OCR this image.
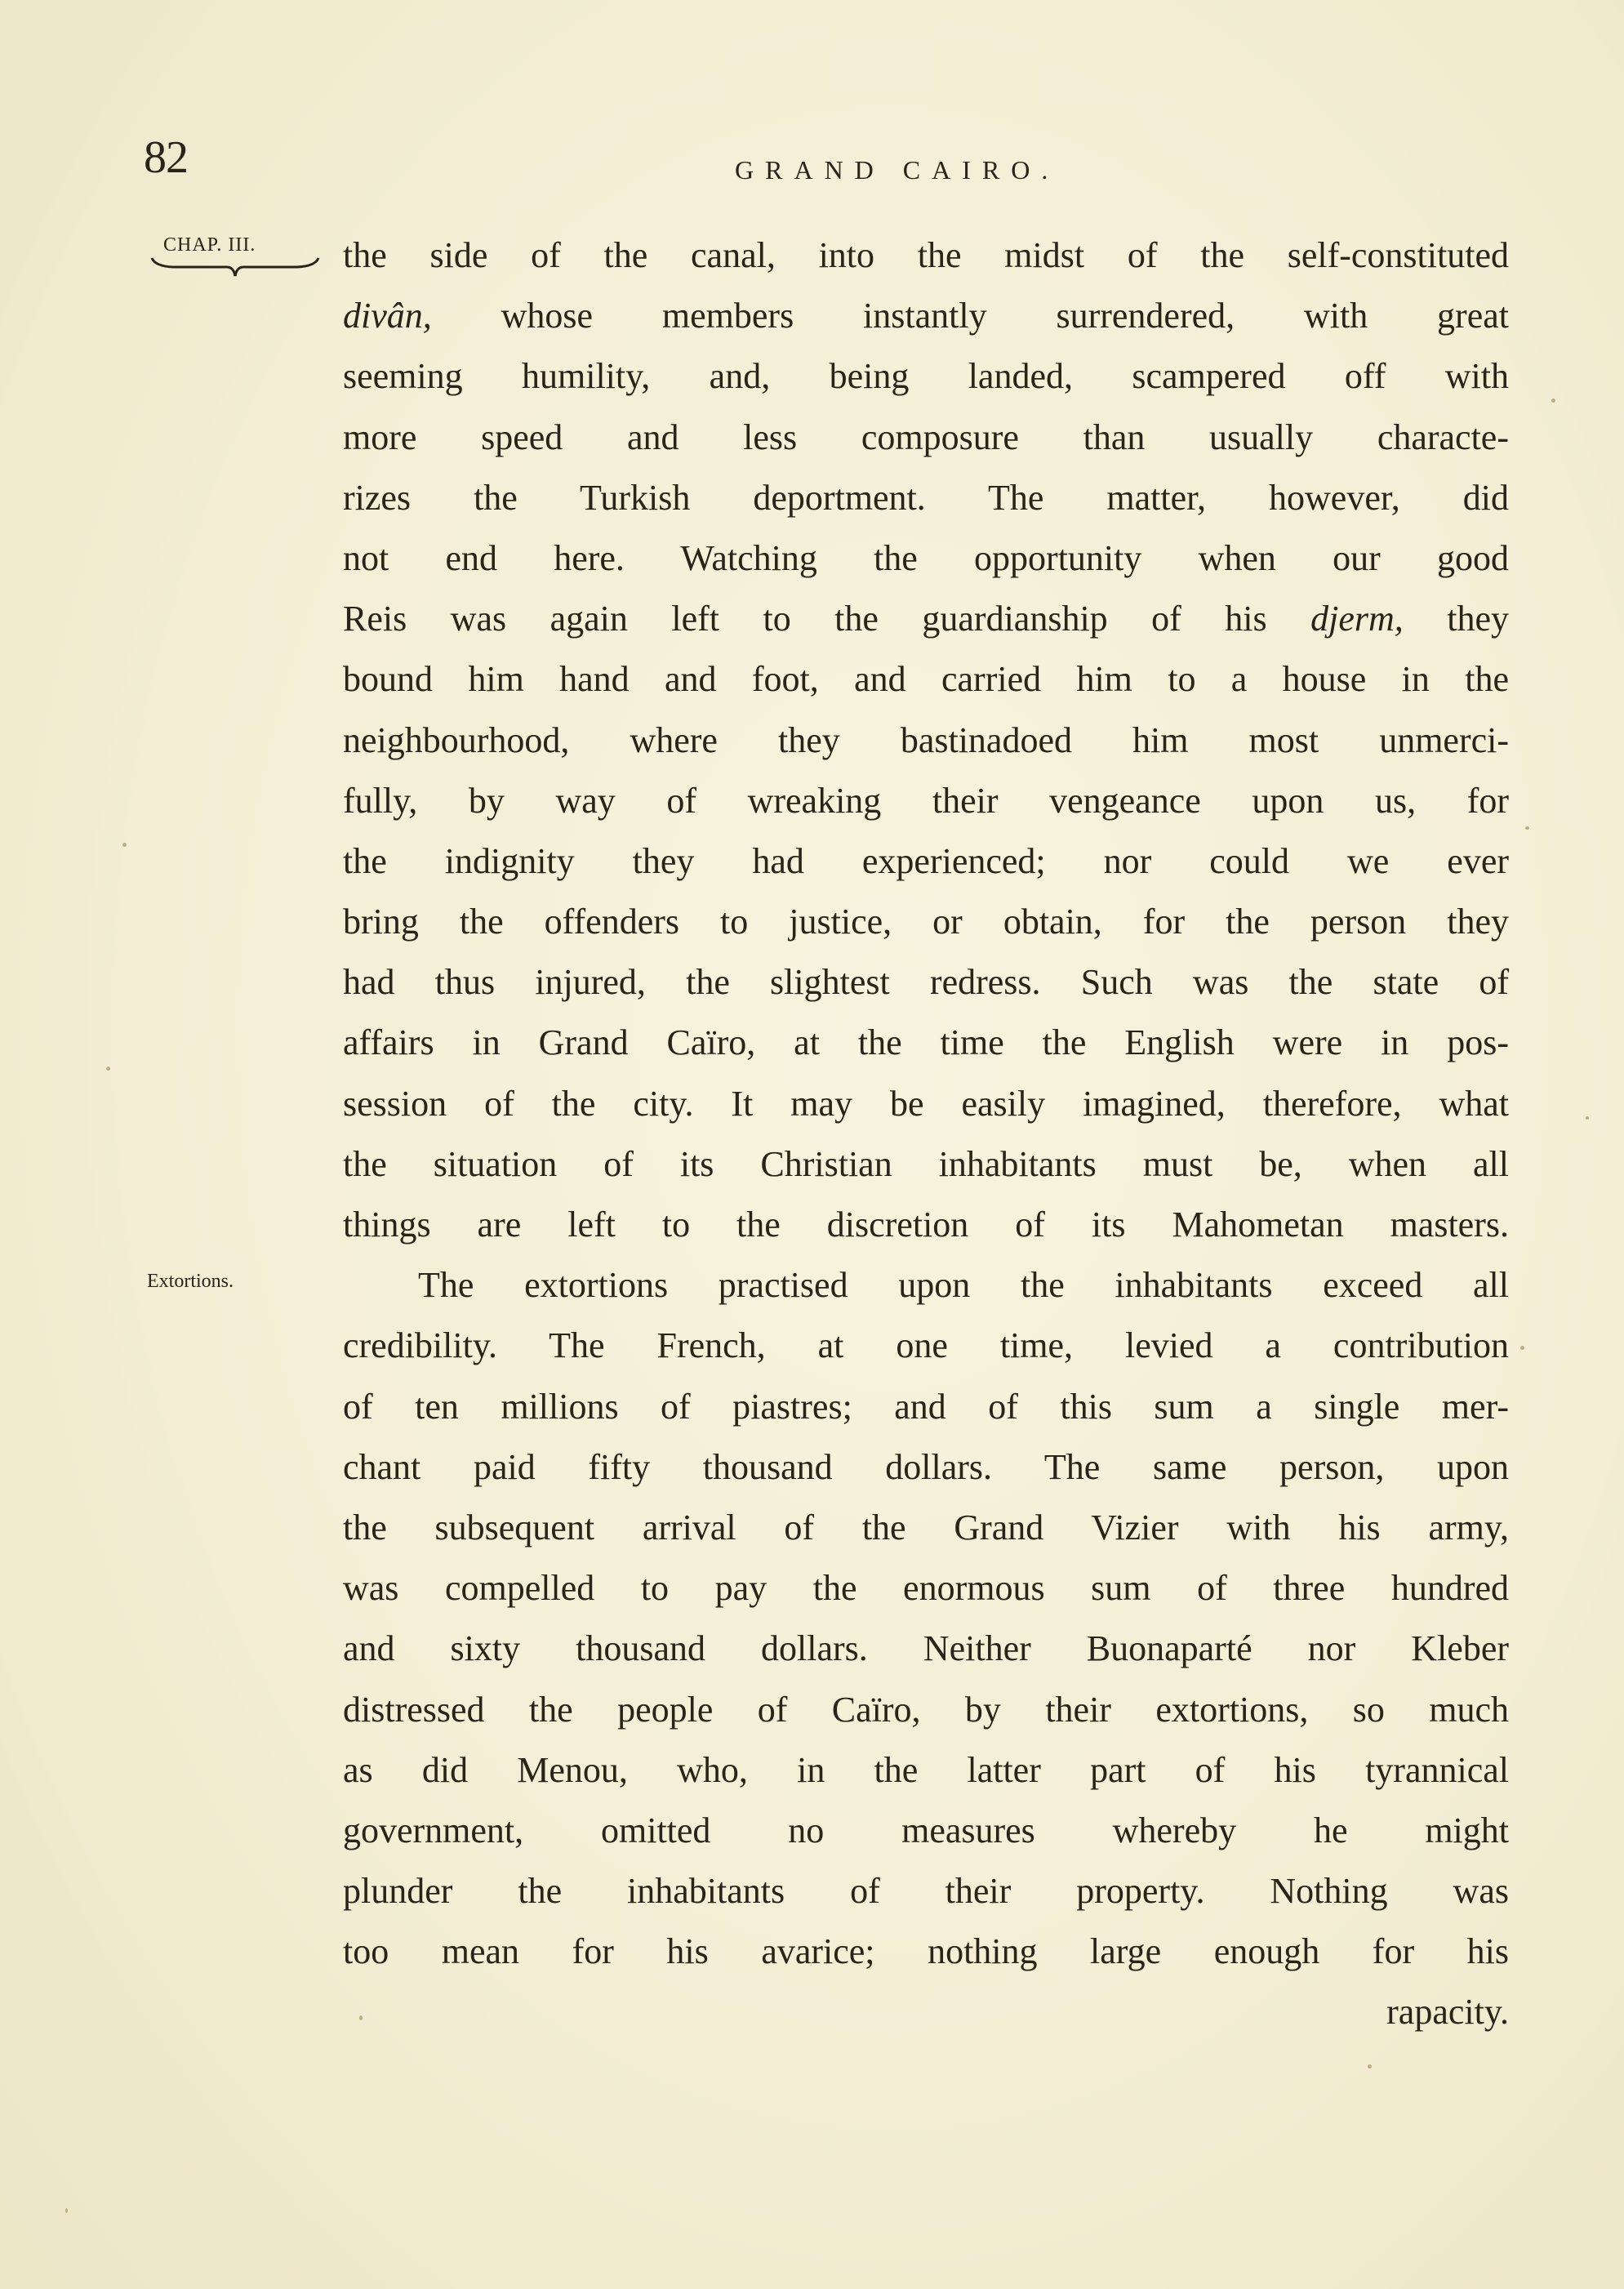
82	GRAND CAIRO.
CHAP. III.
Extortions.
the side of the canal, into the midst of the self-constituted
divân, whose members instantly surrendered, with great
seeming humility, and, being landed, scampered off with
more speed and less composure than usually characte-
rizes the Turkish deportment. The matter, however, did
not end here. Watching the opportunity when our good
Reis was again left to the guardianship of his djerm, they
bound him hand and foot, and carried him to a house in the
neighbourhood, where they bastinadoed him most unmerci-
fully, by way of wreaking their vengeance upon us, for
the indignity they had experienced; nor could we ever
bring the offenders to justice, or obtain, for the person they
had thus injured, the slightest redress. Such was the state of
affairs in Grand Caïro, at the time the English were in pos-
session of the city. It may be easily imagined, therefore, what
the situation of its Christian inhabitants must be, when all
things are left to the discretion of its Mahometan masters.
The extortions practised upon the inhabitants exceed all
credibility. The French, at one time, levied a contribution
of ten millions of piastres; and of this sum a single mer-
chant paid fifty thousand dollars. The same person, upon
the subsequent arrival of the Grand Vizier with his army,
was compelled to pay the enormous sum of three hundred
and sixty thousand dollars. Neither Buonaparté nor Kleber
distressed the people of Caïro, by their extortions, so much
as did Menou, who, in the latter part of his tyrannical
government, omitted no measures whereby he might
plunder the inhabitants of their property. Nothing was
too mean for his avarice; nothing large enough for his
rapacity.
